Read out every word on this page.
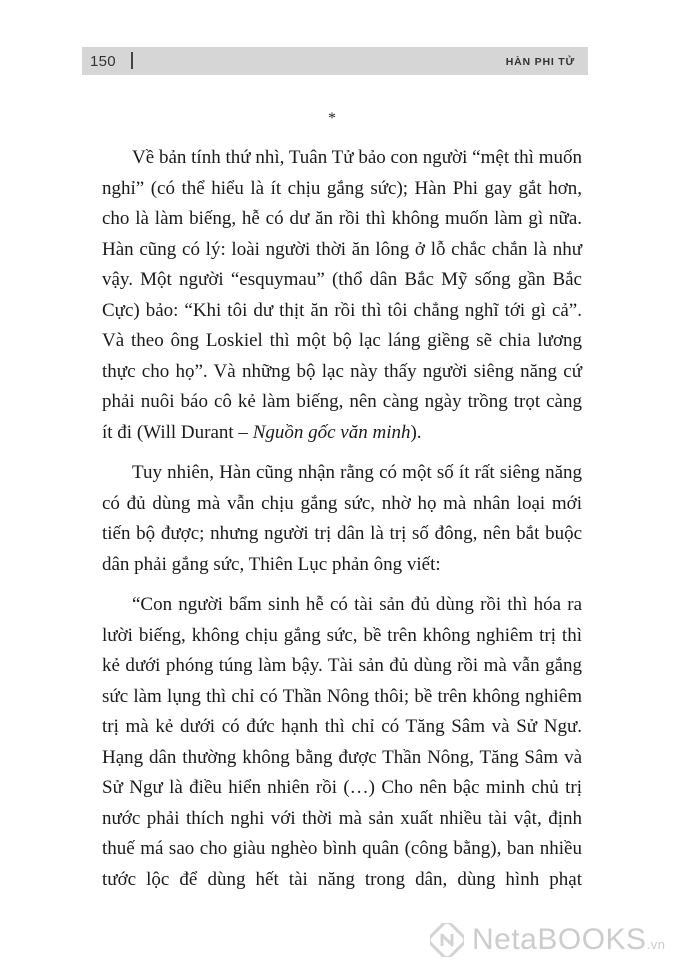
150	HÀN PHI TỬ
*

Về bản tính thứ nhì, Tuân Tử bảo con người “mệt thì muốn nghỉ” (có thể hiểu là ít chịu gắng sức); Hàn Phi gay gắt hơn, cho là làm biếng, hễ có dư ăn rồi thì không muốn làm gì nữa. Hàn cũng có lý: loài người thời ăn lông ở lỗ chắc chắn là như vậy. Một người “esquymau” (thổ dân Bắc Mỹ sống gần Bắc Cực) bảo: “Khi tôi dư thịt ăn rồi thì tôi chẳng nghĩ tới gì cả”. Và theo ông Loskiel thì một bộ lạc láng giềng sẽ chia lương thực cho họ”. Và những bộ lạc này thấy người siêng năng cứ phải nuôi báo cô kẻ làm biếng, nên càng ngày trồng trọt càng ít đi (Will Durant – Nguồn gốc văn minh).

Tuy nhiên, Hàn cũng nhận rằng có một số ít rất siêng năng có đủ dùng mà vẫn chịu gắng sức, nhờ họ mà nhân loại mới tiến bộ được; nhưng người trị dân là trị số đông, nên bắt buộc dân phải gắng sức, Thiên Lục phản ông viết:

“Con người bẩm sinh hễ có tài sản đủ dùng rồi thì hóa ra lười biếng, không chịu gắng sức, bề trên không nghiêm trị thì kẻ dưới phóng túng làm bậy. Tài sản đủ dùng rồi mà vẫn gắng sức làm lụng thì chỉ có Thần Nông thôi; bề trên không nghiêm trị mà kẻ dưới có đức hạnh thì chỉ có Tăng Sâm và Sử Ngư. Hạng dân thường không bằng được Thần Nông, Tăng Sâm và Sử Ngư là điều hiển nhiên rồi (…) Cho nên bậc minh chủ trị nước phải thích nghi với thời mà sản xuất nhiều tài vật, định thuế má sao cho giàu nghèo bình quân (công bằng), ban nhiều tước lộc để dùng hết tài năng trong dân, dùng hình phạt

NetaBOOKS.vn
